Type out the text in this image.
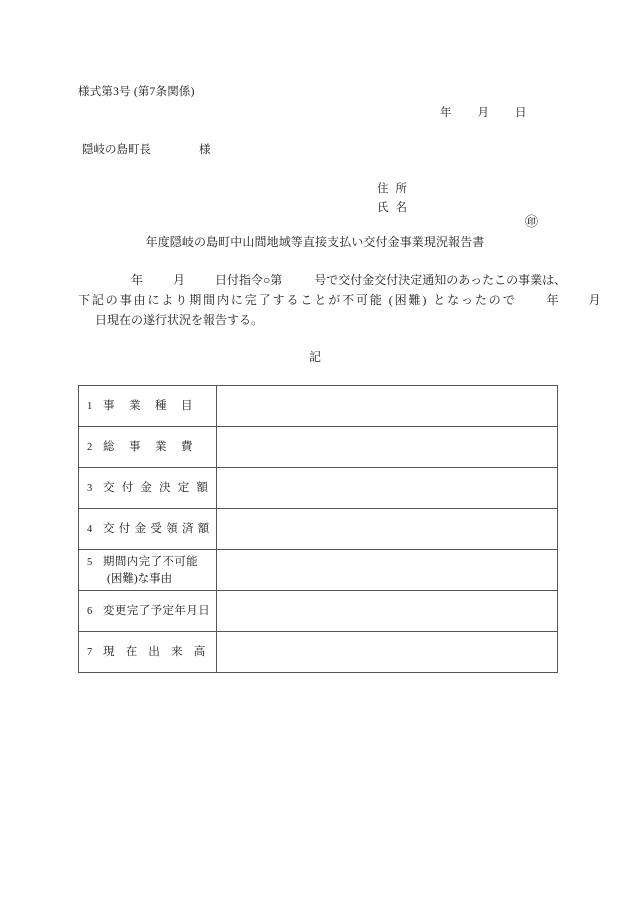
様式第3号 (第7条関係)
年 月 日
隠岐の島町長	様
住所
氏名
㊞
年度隠岐の島町中山間地域等直接支払い交付金事業現況報告書
年	月	日付指令○第	号で交付金交付決定通知のあったこの事業は、
下記の事由により期間内に完了することが不可能 (困難) となったので	年	月
日現在の遂行状況を報告する。
記
1 事業種目	

2 総事業費	

3 交付金決定額	

4 交付金受領済額	

5 期間内完了不可能
(困難)な事由	

6 変更完了予定年月日	

7 現在出来高	
